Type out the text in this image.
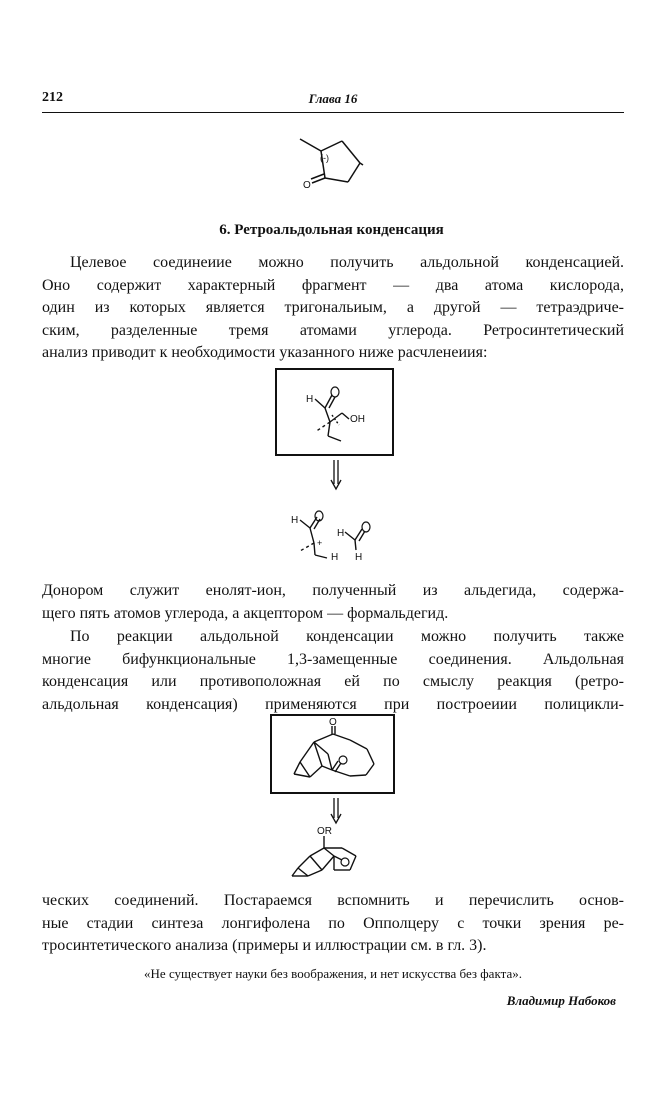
212	Глава 16
(-)
O
6. Ретроальдольная конденсация
Целевое соединеиие можно получить альдольной конденсацией.
Оно содержит характерный фрагмент — два атома кислорода,
один из которых является тригональиым, а другой — тетраэдриче-
ским, разделенные тремя атомами углерода. Ретросинтетический
анализ приводит к необходимости указанного ниже расчленеиия:
H
OH
H
+
H
H
H
Донором служит енолят-ион, полученный из альдегида, содержа-
щего пять атомов углерода, а акцептором — формальдегид.
По реакции альдольной конденсации можно получить также
многие бифункциональные 1,3-замещенные соединения. Альдольная
конденсация или противоположная ей по смыслу реакция (ретро-
альдольная конденсация) применяются при построеиии полицикли-
O
OR
ческих соединений. Постараемся вспомнить и перечислить основ-
ные стадии синтеза лонгифолена по Опполцеру с точки зрения ре-
тросинтетического анализа (примеры и иллюстрации см. в гл. 3).
«Не существует науки без воображения, и нет искусства без факта».
Владимир Набоков
